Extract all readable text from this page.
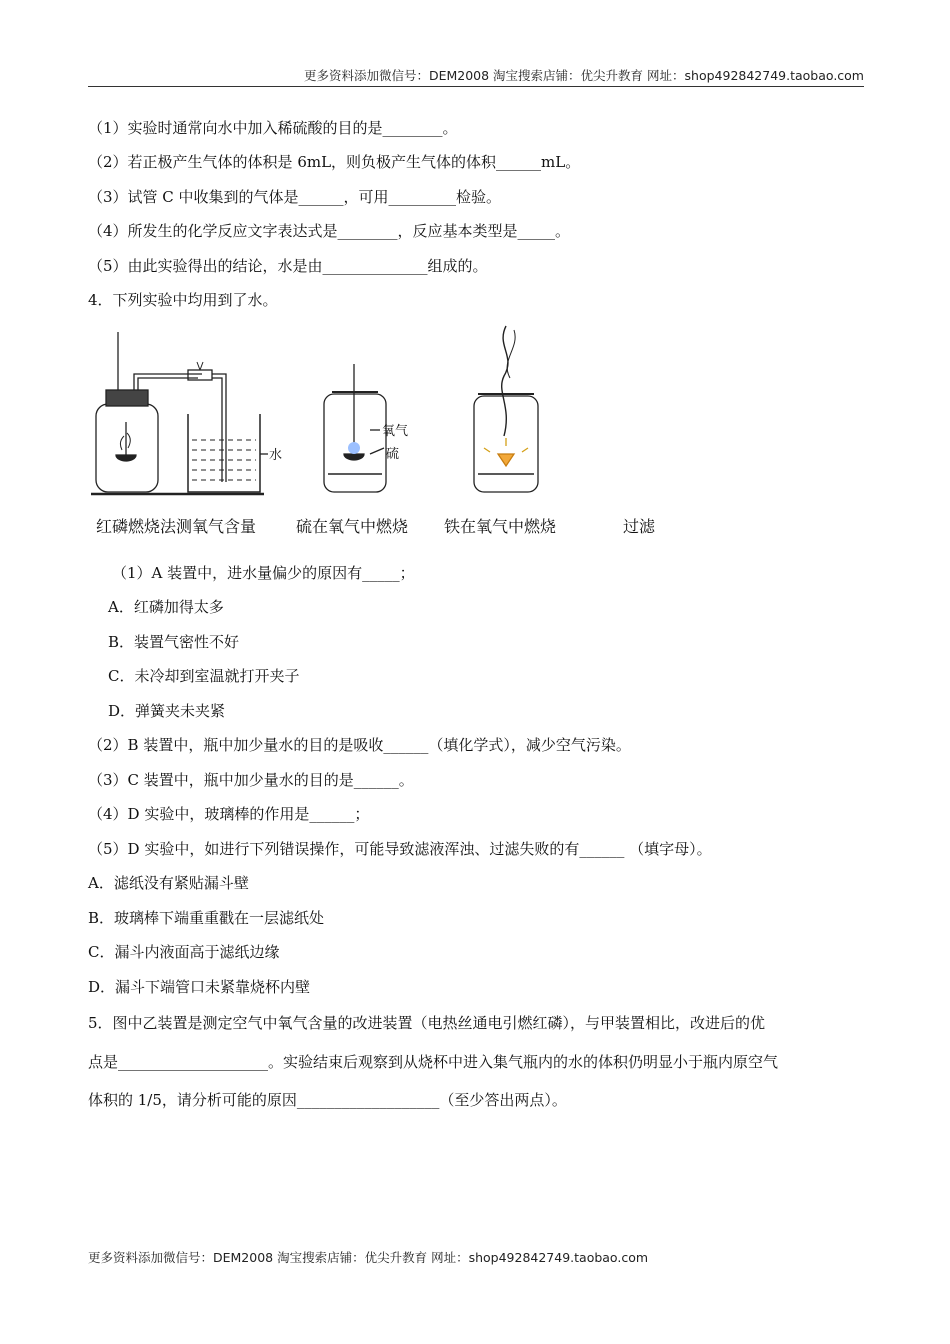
更多资料添加微信号：DEM2008 淘宝搜索店铺：优尖升教育 网址：shop492842749.taobao.com
（1）实验时通常向水中加入稀硫酸的目的是________。
（2）若正极产生气体的体积是 6mL，则负极产生气体的体积______mL。
（3）试管 C 中收集到的气体是______，可用_________检验。
（4）所发生的化学反应文字表达式是________，反应基本类型是_____。
（5）由此实验得出的结论，水是由______________组成的。
4．下列实验中均用到了水。
水
氧气
硫
红磷燃烧法测氧气含量 硫在氧气中燃烧 铁在氧气中燃烧	过滤
（1）A 装置中，进水量偏少的原因有_____；
A．红磷加得太多
B．装置气密性不好
C．未冷却到室温就打开夹子
D．弹簧夹未夹紧
（2）B 装置中，瓶中加少量水的目的是吸收______（填化学式），减少空气污染。
（3）C 装置中，瓶中加少量水的目的是______。
（4）D 实验中，玻璃棒的作用是______；
（5）D 实验中，如进行下列错误操作，可能导致滤液浑浊、过滤失败的有______ （填字母）。
A．滤纸没有紧贴漏斗壁
B．玻璃棒下端重重戳在一层滤纸处
C．漏斗内液面高于滤纸边缘
D．漏斗下端管口未紧靠烧杯内壁
5．图中乙装置是测定空气中氧气含量的改进装置（电热丝通电引燃红磷），与甲装置相比，改进后的优
点是____________________。实验结束后观察到从烧杯中进入集气瓶内的水的体积仍明显小于瓶内原空气
体积的 1/5，请分析可能的原因___________________（至少答出两点）。
更多资料添加微信号：DEM2008 淘宝搜索店铺：优尖升教育 网址：shop492842749.taobao.com
